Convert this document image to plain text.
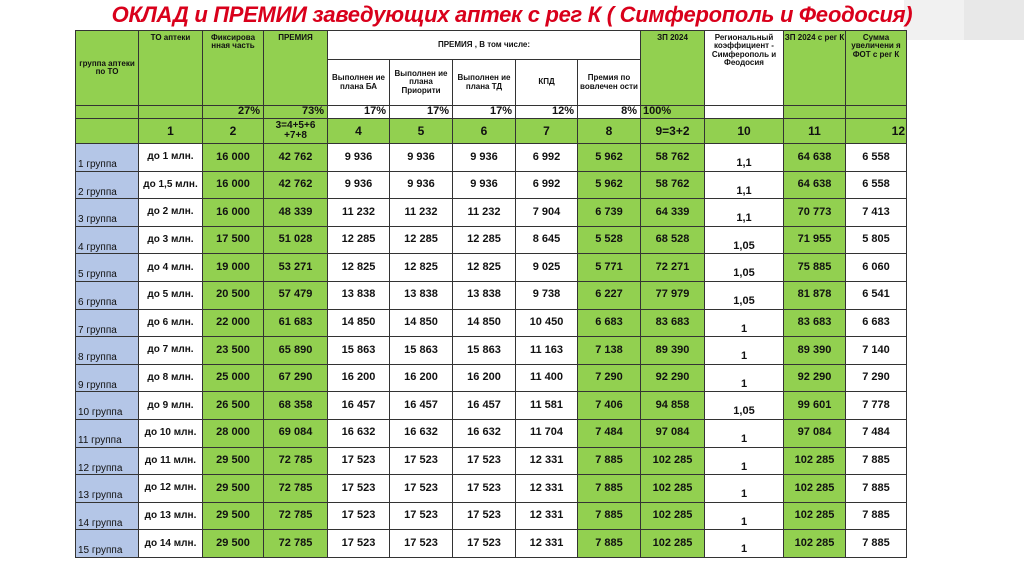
ОКЛАД и ПРЕМИИ заведующих аптек с рег К ( Симферополь и Феодосия)
группа аптеки по ТО	ТО аптеки	Фиксирова нная часть	ПРЕМИЯ	ПРЕМИЯ , В том числе:					ЗП 2024	Региональный коэффициент - Симферополь и Феодосия	ЗП 2024 с рег К	Сумма увеличени я ФОТ с рег К
				Выполнен ие плана БА	Выполнен ие плана Приорити	Выполнен ие плана ТД	КПД	Премия по вовлечен ости				
		27%	73%	17%	17%	17%	12%	8%	100%			
	1	2	3=4+5+6 +7+8	4	5	6	7	8	9=3+2	10	11	12
1 группа	до 1 млн.	16 000	42 762	9 936	9 936	9 936	6 992	5 962	58 762	1,1	64 638	6 558
2 группа	до 1,5 млн.	16 000	42 762	9 936	9 936	9 936	6 992	5 962	58 762	1,1	64 638	6 558
3 группа	до 2 млн.	16 000	48 339	11 232	11 232	11 232	7 904	6 739	64 339	1,1	70 773	7 413
4 группа	до 3 млн.	17 500	51 028	12 285	12 285	12 285	8 645	5 528	68 528	1,05	71 955	5 805
5 группа	до 4 млн.	19 000	53 271	12 825	12 825	12 825	9 025	5 771	72 271	1,05	75 885	6 060
6 группа	до 5 млн.	20 500	57 479	13 838	13 838	13 838	9 738	6 227	77 979	1,05	81 878	6 541
7 группа	до 6 млн.	22 000	61 683	14 850	14 850	14 850	10 450	6 683	83 683	1	83 683	6 683
8 группа	до 7 млн.	23 500	65 890	15 863	15 863	15 863	11 163	7 138	89 390	1	89 390	7 140
9 группа	до 8 млн.	25 000	67 290	16 200	16 200	16 200	11 400	7 290	92 290	1	92 290	7 290
10 группа	до 9 млн.	26 500	68 358	16 457	16 457	16 457	11 581	7 406	94 858	1,05	99 601	7 778
11 группа	до 10 млн.	28 000	69 084	16 632	16 632	16 632	11 704	7 484	97 084	1	97 084	7 484
12 группа	до 11 млн.	29 500	72 785	17 523	17 523	17 523	12 331	7 885	102 285	1	102 285	7 885
13 группа	до 12 млн.	29 500	72 785	17 523	17 523	17 523	12 331	7 885	102 285	1	102 285	7 885
14 группа	до 13 млн.	29 500	72 785	17 523	17 523	17 523	12 331	7 885	102 285	1	102 285	7 885
15 группа	до 14 млн.	29 500	72 785	17 523	17 523	17 523	12 331	7 885	102 285	1	102 285	7 885
